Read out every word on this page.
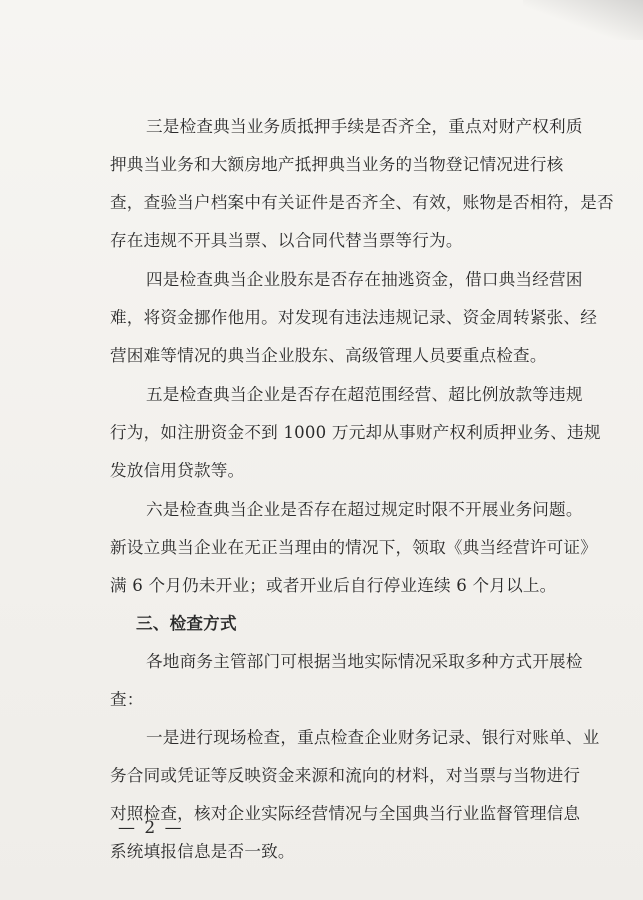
三是检查典当业务质抵押手续是否齐全，重点对财产权利质
押典当业务和大额房地产抵押典当业务的当物登记情况进行核
查，查验当户档案中有关证件是否齐全、有效，账物是否相符，是否
存在违规不开具当票、以合同代替当票等行为。
四是检查典当企业股东是否存在抽逃资金，借口典当经营困
难，将资金挪作他用。对发现有违法违规记录、资金周转紧张、经
营困难等情况的典当企业股东、高级管理人员要重点检查。
五是检查典当企业是否存在超范围经营、超比例放款等违规
行为，如注册资金不到 1000 万元却从事财产权利质押业务、违规
发放信用贷款等。
六是检查典当企业是否存在超过规定时限不开展业务问题。
新设立典当企业在无正当理由的情况下，领取《典当经营许可证》
满 6 个月仍未开业；或者开业后自行停业连续 6 个月以上。
三、检查方式
各地商务主管部门可根据当地实际情况采取多种方式开展检
查：
一是进行现场检查，重点检查企业财务记录、银行对账单、业
务合同或凭证等反映资金来源和流向的材料，对当票与当物进行
对照检查，核对企业实际经营情况与全国典当行业监督管理信息
系统填报信息是否一致。
— 2 —
